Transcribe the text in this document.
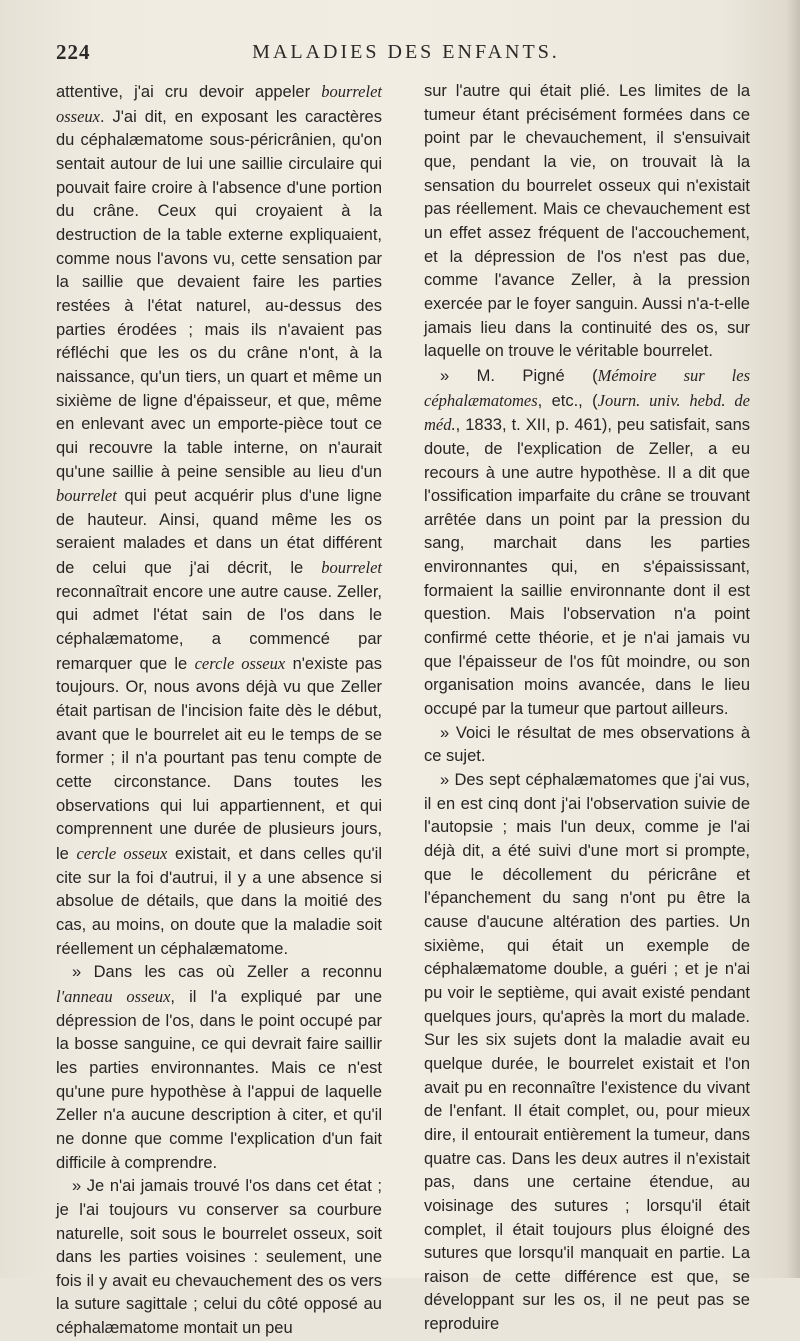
224	MALADIES DES ENFANTS.

attentive, j'ai cru devoir appeler bourrelet osseux. J'ai dit, en exposant les caractères du céphalæmatome sous-péricrânien, qu'on sentait autour de lui une saillie circulaire qui pouvait faire croire à l'absence d'une portion du crâne. Ceux qui croyaient à la destruction de la table externe expliquaient, comme nous l'avons vu, cette sensation par la saillie que devaient faire les parties restées à l'état naturel, au-dessus des parties érodées ; mais ils n'avaient pas réfléchi que les os du crâne n'ont, à la naissance, qu'un tiers, un quart et même un sixième de ligne d'épaisseur, et que, même en enlevant avec un emporte-pièce tout ce qui recouvre la table interne, on n'aurait qu'une saillie à peine sensible au lieu d'un bourrelet qui peut acquérir plus d'une ligne de hauteur. Ainsi, quand même les os seraient malades et dans un état différent de celui que j'ai décrit, le bourrelet reconnaîtrait encore une autre cause. Zeller, qui admet l'état sain de l'os dans le céphalæmatome, a commencé par remarquer que le cercle osseux n'existe pas toujours. Or, nous avons déjà vu que Zeller était partisan de l'incision faite dès le début, avant que le bourrelet ait eu le temps de se former ; il n'a pourtant pas tenu compte de cette circonstance. Dans toutes les observations qui lui appartiennent, et qui comprennent une durée de plusieurs jours, le cercle osseux existait, et dans celles qu'il cite sur la foi d'autrui, il y a une absence si absolue de détails, que dans la moitié des cas, au moins, on doute que la maladie soit réellement un céphalæmatome.

» Dans les cas où Zeller a reconnu l'anneau osseux, il l'a expliqué par une dépression de l'os, dans le point occupé par la bosse sanguine, ce qui devrait faire saillir les parties environnantes. Mais ce n'est qu'une pure hypothèse à l'appui de laquelle Zeller n'a aucune description à citer, et qu'il ne donne que comme l'explication d'un fait difficile à comprendre.

» Je n'ai jamais trouvé l'os dans cet état ; je l'ai toujours vu conserver sa courbure naturelle, soit sous le bourrelet osseux, soit dans les parties voisines : seulement, une fois il y avait eu chevauchement des os vers la suture sagittale ; celui du côté opposé au céphalæmatome montait un peu

sur l'autre qui était plié. Les limites de la tumeur étant précisément formées dans ce point par le chevauchement, il s'ensuivait que, pendant la vie, on trouvait là la sensation du bourrelet osseux qui n'existait pas réellement. Mais ce chevauchement est un effet assez fréquent de l'accouchement, et la dépression de l'os n'est pas due, comme l'avance Zeller, à la pression exercée par le foyer sanguin. Aussi n'a-t-elle jamais lieu dans la continuité des os, sur laquelle on trouve le véritable bourrelet.

» M. Pigné (Mémoire sur les céphalæmatomes, etc., (Journ. univ. hebd. de méd., 1833, t. XII, p. 461), peu satisfait, sans doute, de l'explication de Zeller, a eu recours à une autre hypothèse. Il a dit que l'ossification imparfaite du crâne se trouvant arrêtée dans un point par la pression du sang, marchait dans les parties environnantes qui, en s'épaississant, formaient la saillie environnante dont il est question. Mais l'observation n'a point confirmé cette théorie, et je n'ai jamais vu que l'épaisseur de l'os fût moindre, ou son organisation moins avancée, dans le lieu occupé par la tumeur que partout ailleurs.

» Voici le résultat de mes observations à ce sujet.

» Des sept céphalæmatomes que j'ai vus, il en est cinq dont j'ai l'observation suivie de l'autopsie ; mais l'un deux, comme je l'ai déjà dit, a été suivi d'une mort si prompte, que le décollement du péricrâne et l'épanchement du sang n'ont pu être la cause d'aucune altération des parties. Un sixième, qui était un exemple de céphalæmatome double, a guéri ; et je n'ai pu voir le septième, qui avait existé pendant quelques jours, qu'après la mort du malade. Sur les six sujets dont la maladie avait eu quelque durée, le bourrelet existait et l'on avait pu en reconnaître l'existence du vivant de l'enfant. Il était complet, ou, pour mieux dire, il entourait entièrement la tumeur, dans quatre cas. Dans les deux autres il n'existait pas, dans une certaine étendue, au voisinage des sutures ; lorsqu'il était complet, il était toujours plus éloigné des sutures que lorsqu'il manquait en partie. La raison de cette différence est que, se développant sur les os, il ne peut pas se reproduire
